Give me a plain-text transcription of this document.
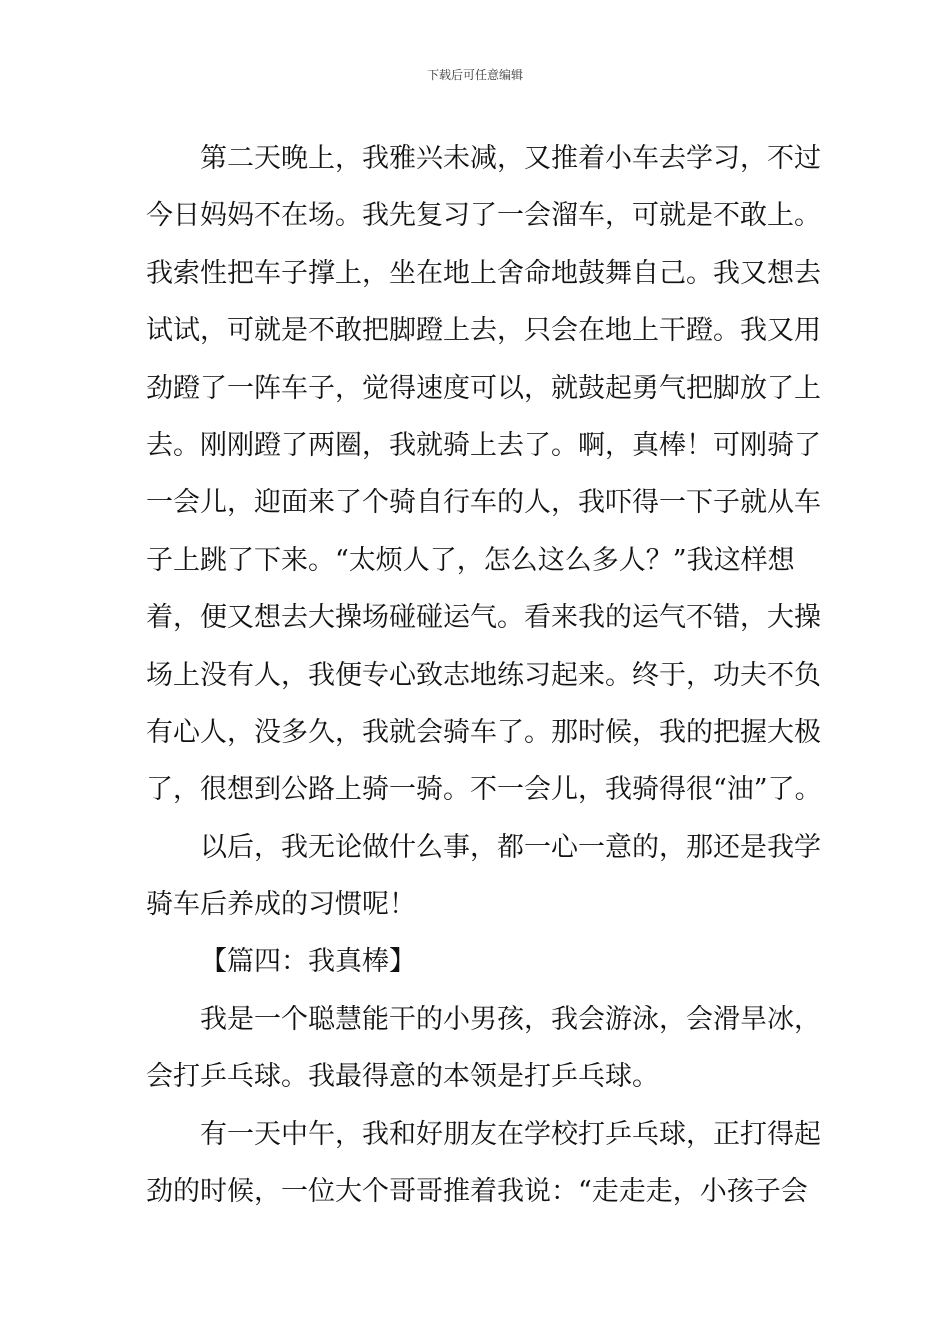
下载后可任意编辑
第二天晚上，我雅兴未减，又推着小车去学习，不过
今日妈妈不在场。我先复习了一会溜车，可就是不敢上。
我索性把车子撑上，坐在地上舍命地鼓舞自己。我又想去
试试，可就是不敢把脚蹬上去，只会在地上干蹬。我又用
劲蹬了一阵车子，觉得速度可以，就鼓起勇气把脚放了上
去。刚刚蹬了两圈，我就骑上去了。啊，真棒！可刚骑了
一会儿，迎面来了个骑自行车的人，我吓得一下子就从车
子上跳了下来。“太烦人了，怎么这么多人？”我这样想
着，便又想去大操场碰碰运气。看来我的运气不错，大操
场上没有人，我便专心致志地练习起来。终于，功夫不负
有心人，没多久，我就会骑车了。那时候，我的把握大极
了，很想到公路上骑一骑。不一会儿，我骑得很“油”了。
以后，我无论做什么事，都一心一意的，那还是我学
骑车后养成的习惯呢！
【篇四：我真棒】
我是一个聪慧能干的小男孩，我会游泳，会滑旱冰，
会打乒乓球。我最得意的本领是打乒乓球。
有一天中午，我和好朋友在学校打乒乓球，正打得起
劲的时候，一位大个哥哥推着我说：“走走走，小孩子会
